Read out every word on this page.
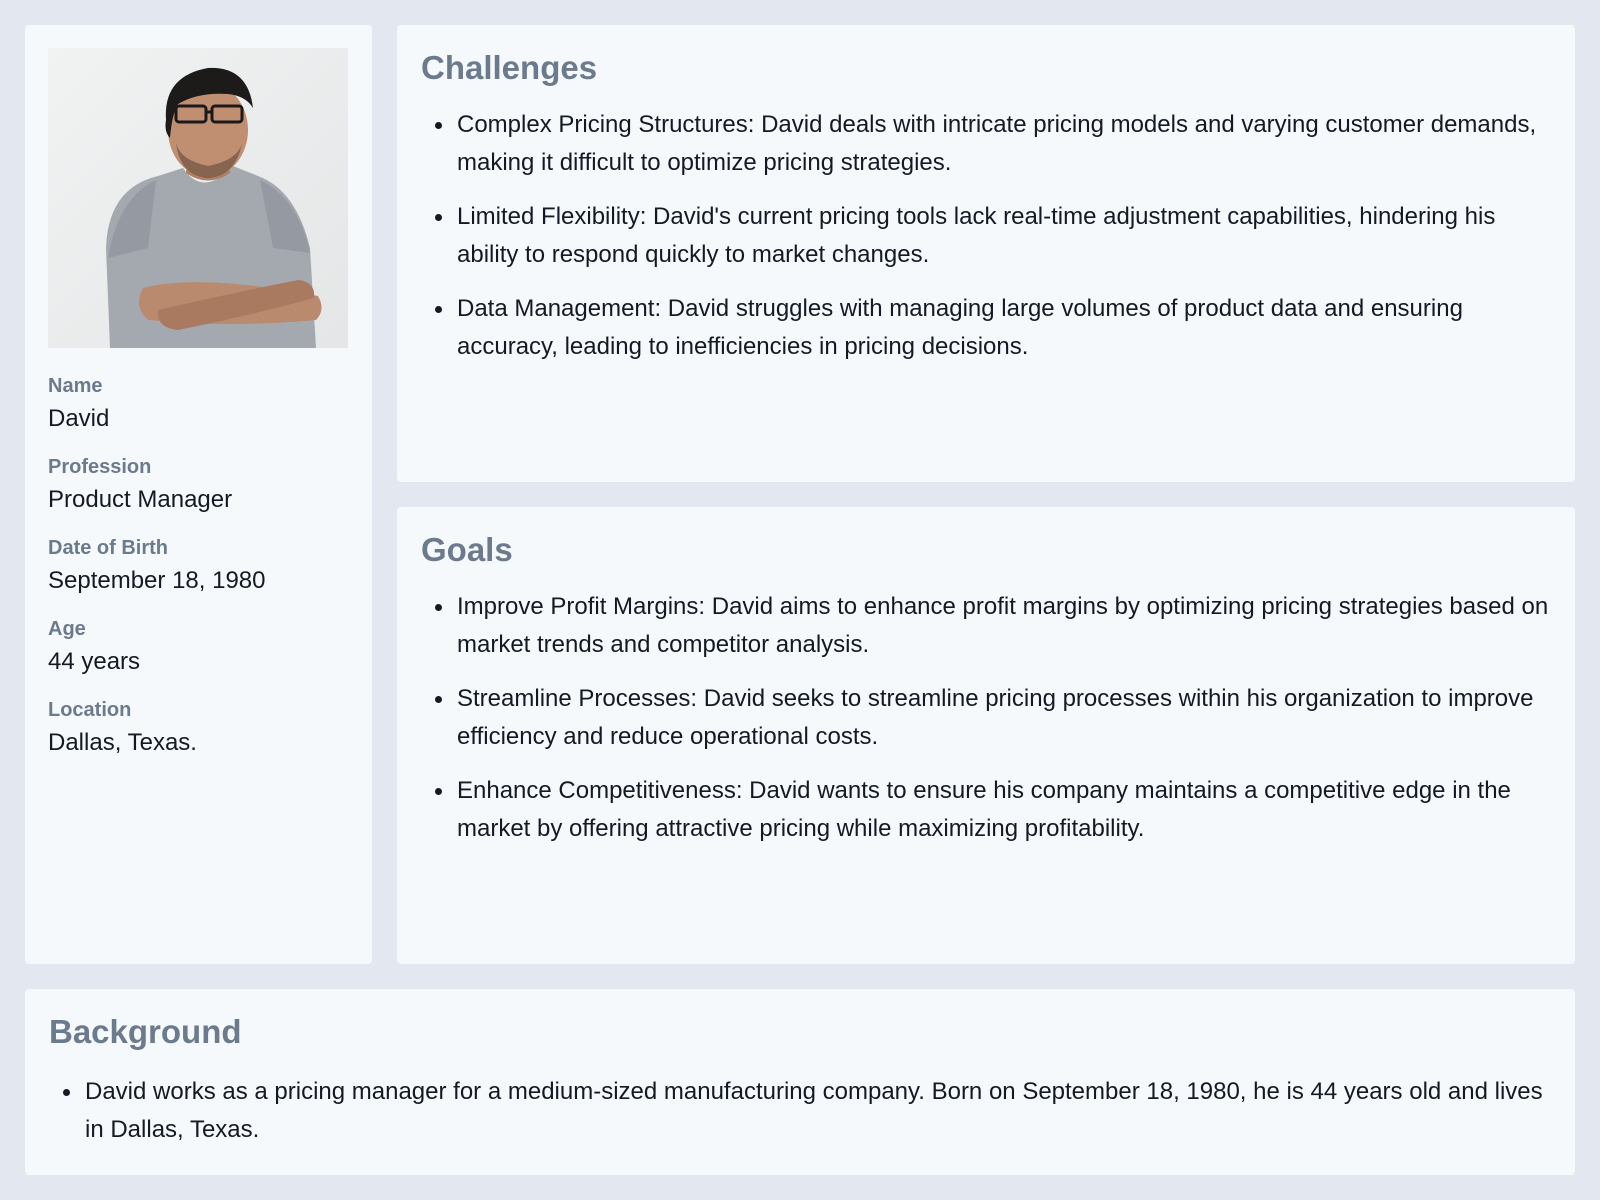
Name
David
Profession
Product Manager
Date of Birth
September 18, 1980
Age
44 years
Location
Dallas, Texas.
Challenges
Complex Pricing Structures: David deals with intricate pricing models and varying customer demands, making it difficult to optimize pricing strategies.
Limited Flexibility: David's current pricing tools lack real-time adjustment capabilities, hindering his ability to respond quickly to market changes.
Data Management: David struggles with managing large volumes of product data and ensuring accuracy, leading to inefficiencies in pricing decisions.
Goals
Improve Profit Margins: David aims to enhance profit margins by optimizing pricing strategies based on market trends and competitor analysis.
Streamline Processes: David seeks to streamline pricing processes within his organization to improve efficiency and reduce operational costs.
Enhance Competitiveness: David wants to ensure his company maintains a competitive edge in the market by offering attractive pricing while maximizing profitability.
Background
David works as a pricing manager for a medium-sized manufacturing company. Born on September 18, 1980, he is 44 years old and lives in Dallas, Texas.
